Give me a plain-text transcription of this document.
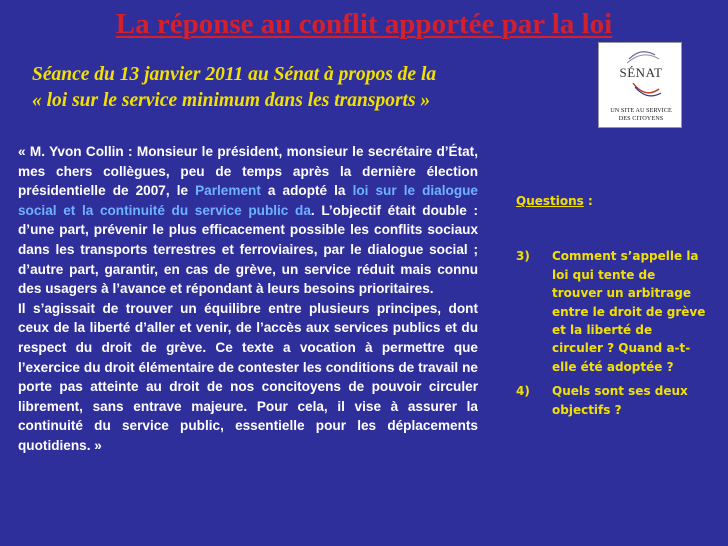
La réponse au conflit apportée par la loi
Séance du 13 janvier 2011 au Sénat à propos de la
« loi sur le service minimum dans les transports »
SÉNAT
UN SITE AU SERVICE
DES CITOYENS

« M. Yvon Collin : Monsieur le président, monsieur le secrétaire d’État, mes chers collègues, peu de temps après la dernière élection présidentielle de 2007, le Parlement a adopté la loi sur le dialogue social et la continuité du service public da. L’objectif était double : d’une part, prévenir le plus efficacement possible les conflits sociaux dans les transports terrestres et ferroviaires, par le dialogue social ; d’autre part, garantir, en cas de grève, un service réduit mais connu des usagers à l’avance et répondant à leurs besoins prioritaires.

Il s’agissait de trouver un équilibre entre plusieurs principes, dont ceux de la liberté d’aller et venir, de l’accès aux services publics et du respect du droit de grève. Ce texte a vocation à permettre que l’exercice du droit élémentaire de contester les conditions de travail ne porte pas atteinte au droit de nos concitoyens de pouvoir circuler librement, sans entrave majeure. Pour cela, il vise à assurer la continuité du service public, essentielle pour les déplacements quotidiens. »

Questions :
3) Comment s’appelle la loi qui tente de trouver un arbitrage entre le droit de grève et la liberté de circuler ? Quand a-t-elle été adoptée ?
4) Quels sont ses deux objectifs ?
